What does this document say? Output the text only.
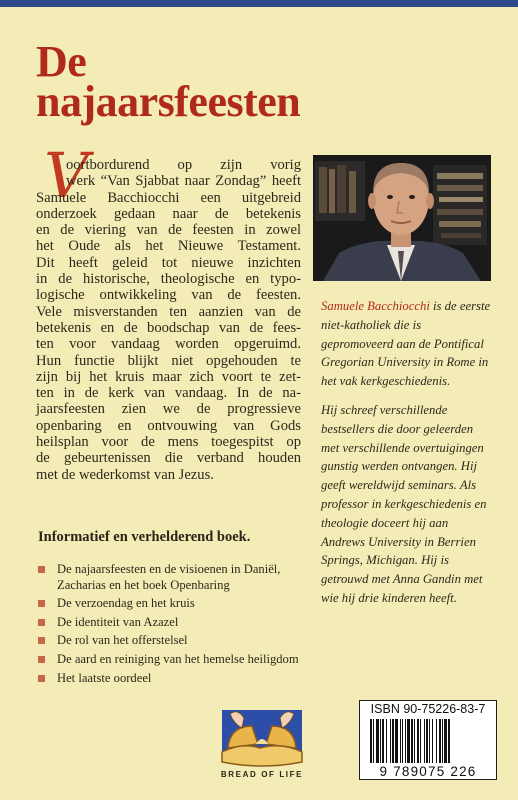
De
najaarsfeesten
V
oortbordurend op zijn vorig
werk “Van Sjabbat naar Zondag” heeft
Samuele Bacchiocchi een uitgebreid
onderzoek gedaan naar de betekenis
en de viering van de feesten in zowel
het Oude als het Nieuwe Testament.
Dit heeft geleid tot nieuwe inzichten
in de historische, theologische en typo-
logische ontwikkeling van de feesten.
Vele misverstanden ten aanzien van de
betekenis en de boodschap van de fees-
ten voor vandaag worden opgeruimd.
Hun functie blijkt niet opgehouden te
zijn bij het kruis maar zich voort te zet-
ten in de kerk van vandaag. In de na-
jaarsfeesten zien we de progressieve
openbaring en ontvouwing van Gods
heilsplan voor de mens toegespitst op
de gebeurtenissen die verband houden
met de wederkomst van Jezus.

Informatief en verhelderend boek.

De najaarsfeesten en de visioenen in Daniël, Zacharias en het boek Openbaring
De verzoendag en het kruis
De identiteit van Azazel
De rol van het offerstelsel
De aard en reiniging van het hemelse heiligdom
Het laatste oordeel

Samuele Bacchiocchi is de eerste niet-katholiek die is gepromoveerd aan de Pontifical Gregorian University in Rome in het vak kerkgeschiedenis.

Hij schreef verschillende bestsellers die door geleerden met verschillende overtuigingen gunstig werden ontvangen. Hij geeft wereldwijd seminars. Als professor in kerkgeschiedenis en theologie doceert hij aan Andrews University in Berrien Springs, Michigan. Hij is getrouwd met Anna Gandin met wie hij drie kinderen heeft.

BREAD OF LIFE
ISBN 90-75226-83-7
9 789075 226
